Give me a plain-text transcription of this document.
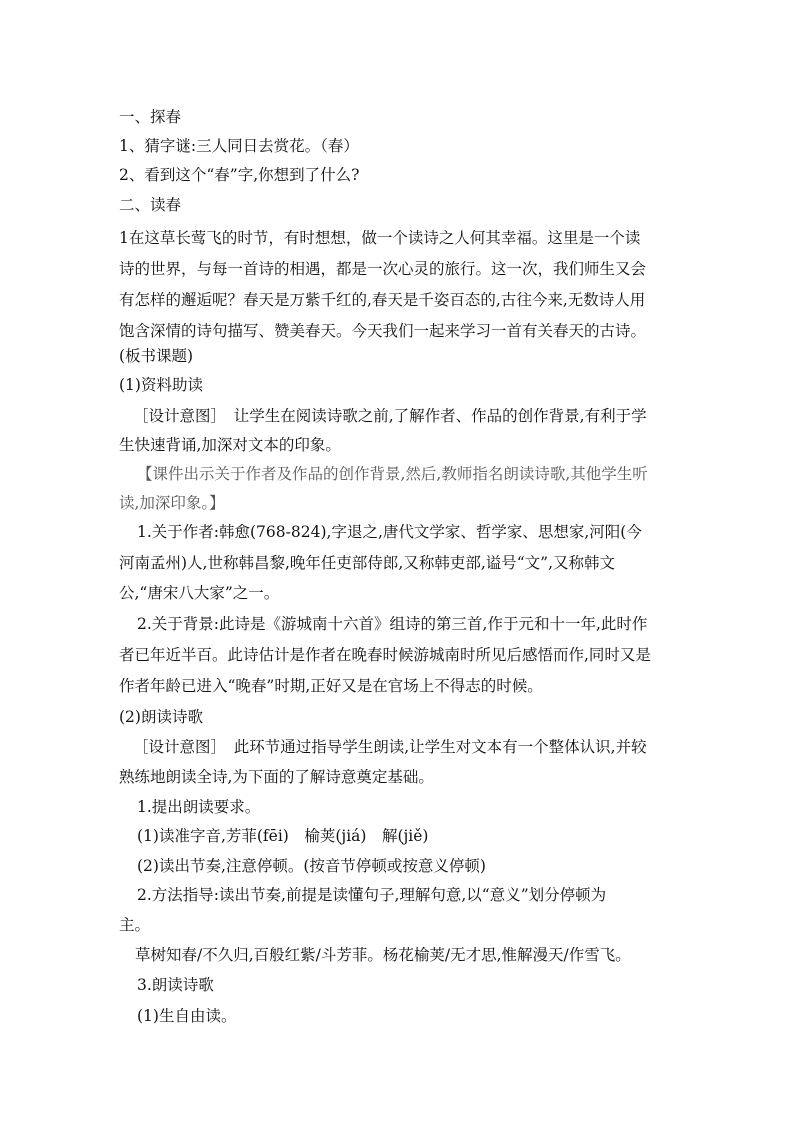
一、探春
1、猜字谜:三人同日去赏花。（春）
2、看到这个“春”字,你想到了什么?
二、读春
1在这草长莺飞的时节，有时想想，做一个读诗之人何其幸福。这里是一个读
诗的世界，与每一首诗的相遇，都是一次心灵的旅行。这一次，我们师生又会
有怎样的邂逅呢？春天是万紫千红的,春天是千姿百态的,古往今来,无数诗人用
饱含深情的诗句描写、赞美春天。今天我们一起来学习一首有关春天的古诗。
(板书课题)
(1)资料助读
［设计意图］　让学生在阅读诗歌之前,了解作者、作品的创作背景,有利于学
生快速背诵,加深对文本的印象。
【课件出示关于作者及作品的创作背景,然后,教师指名朗读诗歌,其他学生听
读,加深印象。】
1.关于作者:韩愈(768-824),字退之,唐代文学家、哲学家、思想家,河阳(今
河南孟州)人,世称韩昌黎,晚年任吏部侍郎,又称韩吏部,谥号“文”,又称韩文
公,“唐宋八大家”之一。
2.关于背景:此诗是《游城南十六首》组诗的第三首,作于元和十一年,此时作
者已年近半百。此诗估计是作者在晚春时候游城南时所见后感悟而作,同时又是
作者年龄已进入“晚春”时期,正好又是在官场上不得志的时候。
(2)朗读诗歌
［设计意图］　此环节通过指导学生朗读,让学生对文本有一个整体认识,并较
熟练地朗读全诗,为下面的了解诗意奠定基础。
1.提出朗读要求。
(1)读准字音,芳菲(fēi)　榆荚(jiá)　解(jiě)
(2)读出节奏,注意停顿。(按音节停顿或按意义停顿)
2.方法指导:读出节奏,前提是读懂句子,理解句意,以“意义”划分停顿为
主。
草树知春/不久归,百般红紫/斗芳菲。杨花榆荚/无才思,惟解漫天/作雪飞。
3.朗读诗歌
(1)生自由读。
